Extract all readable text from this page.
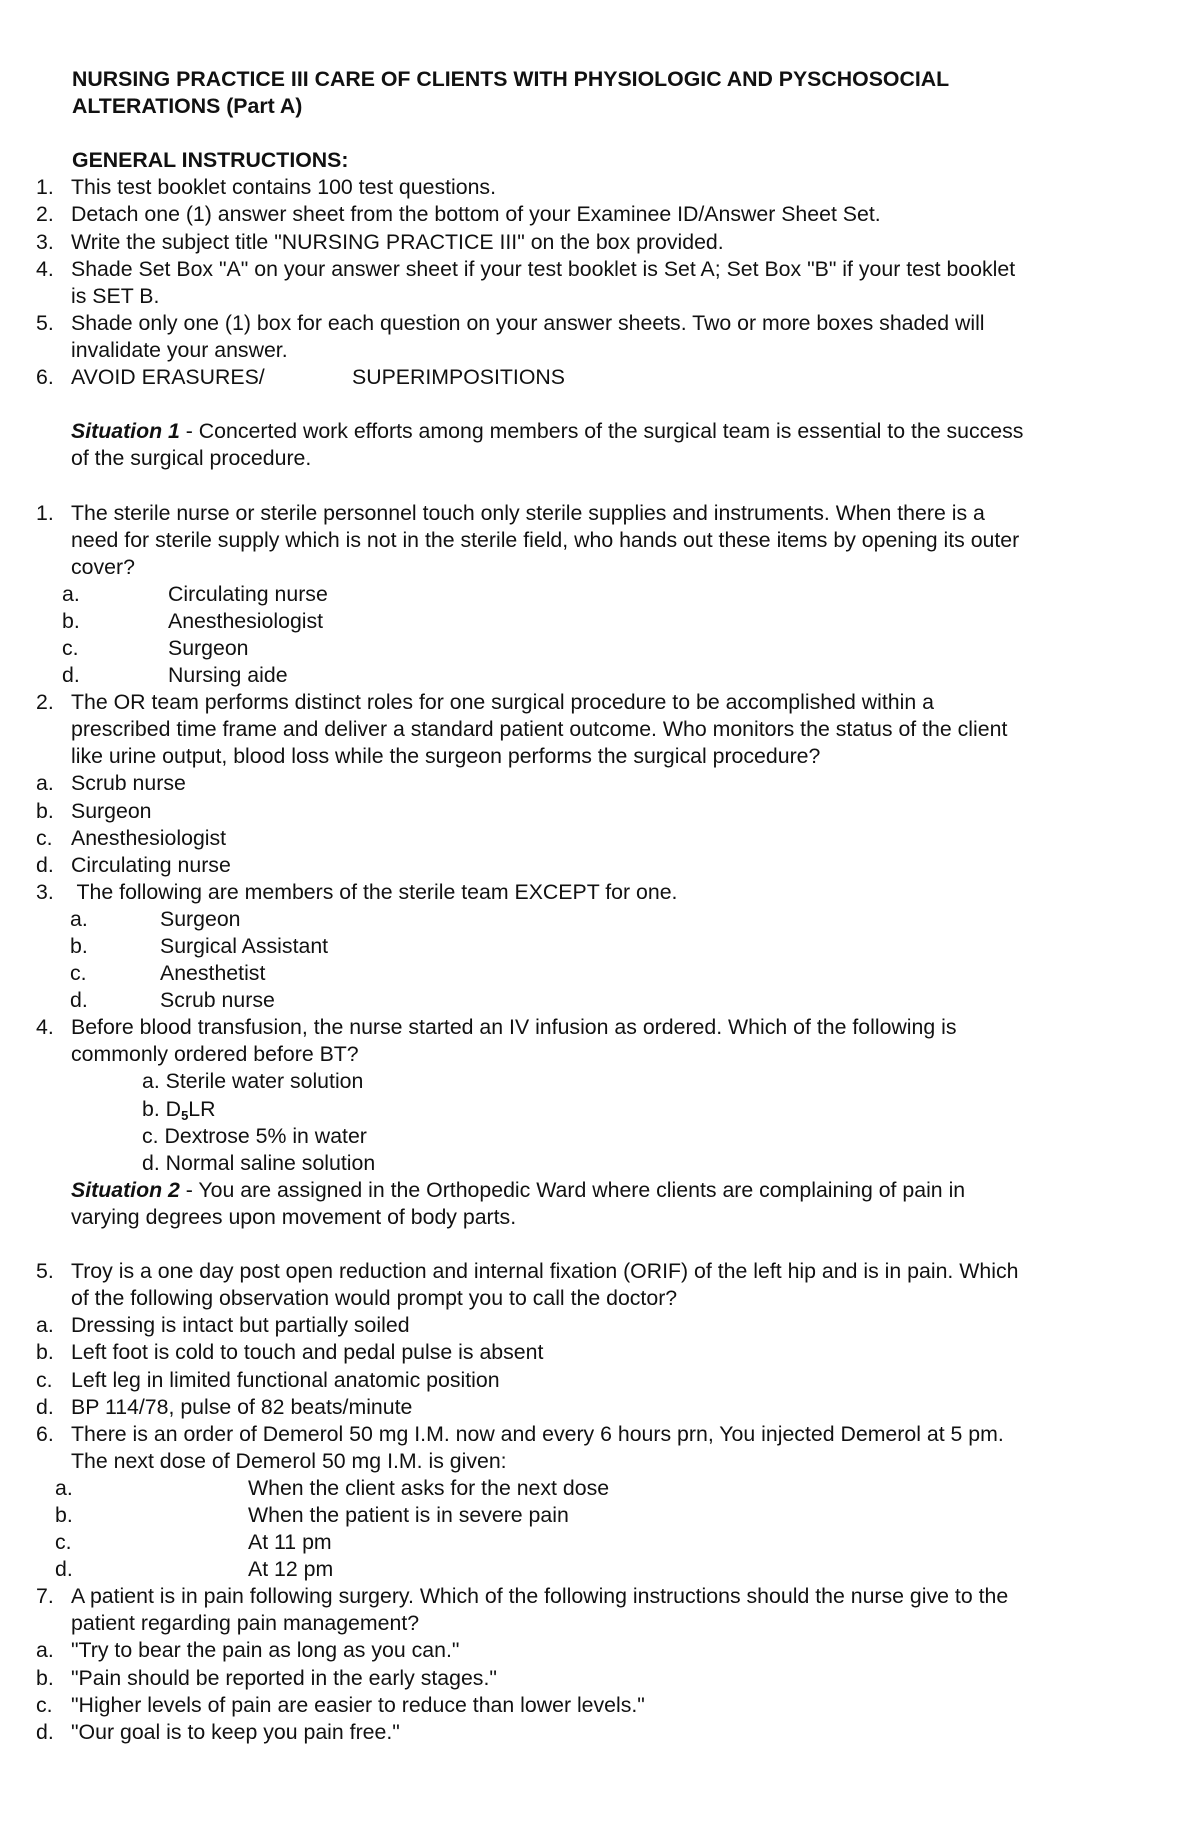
NURSING PRACTICE III CARE OF CLIENTS WITH PHYSIOLOGIC AND PYSCHOSOCIAL
ALTERATIONS (Part A)
GENERAL INSTRUCTIONS:
1. This test booklet contains 100 test questions.
2. Detach one (1) answer sheet from the bottom of your Examinee ID/Answer Sheet Set.
3. Write the subject title "NURSING PRACTICE III" on the box provided.
4. Shade Set Box "A" on your answer sheet if your test booklet is Set A; Set Box "B" if your test booklet
is SET B.
5. Shade only one (1) box for each question on your answer sheets. Two or more boxes shaded will
invalidate your answer.
6. AVOID ERASURES/	SUPERIMPOSITIONS
Situation 1 - Concerted work efforts among members of the surgical team is essential to the success
of the surgical procedure.
1. The sterile nurse or sterile personnel touch only sterile supplies and instruments. When there is a
need for sterile supply which is not in the sterile field, who hands out these items by opening its outer
cover?
a.	Circulating nurse
b.	Anesthesiologist
c.	Surgeon
d.	Nursing aide
2. The OR team performs distinct roles for one surgical procedure to be accomplished within a
prescribed time frame and deliver a standard patient outcome. Who monitors the status of the client
like urine output, blood loss while the surgeon performs the surgical procedure?
a. Scrub nurse
b. Surgeon
c. Anesthesiologist
d. Circulating nurse
3. The following are members of the sterile team EXCEPT for one.
a.	Surgeon
b.	Surgical Assistant
c.	Anesthetist
d.	Scrub nurse
4. Before blood transfusion, the nurse started an IV infusion as ordered. Which of the following is
commonly ordered before BT?
a. Sterile water solution
b. $D_5LR$
c. Dextrose 5% in water
d. Normal saline solution
Situation 2 - You are assigned in the Orthopedic Ward where clients are complaining of pain in
varying degrees upon movement of body parts.
5. Troy is a one day post open reduction and internal fixation (ORIF) of the left hip and is in pain. Which
of the following observation would prompt you to call the doctor?
a. Dressing is intact but partially soiled
b. Left foot is cold to touch and pedal pulse is absent
c. Left leg in limited functional anatomic position
d. BP 114/78, pulse of 82 beats/minute
6. There is an order of Demerol 50 mg I.M. now and every 6 hours prn, You injected Demerol at 5 pm.
The next dose of Demerol 50 mg I.M. is given:
a.	When the client asks for the next dose
b.	When the patient is in severe pain
c.	At 11 pm
d.	At 12 pm
7. A patient is in pain following surgery. Which of the following instructions should the nurse give to the
patient regarding pain management?
a. "Try to bear the pain as long as you can."
b. "Pain should be reported in the early stages."
c. "Higher levels of pain are easier to reduce than lower levels."
d. "Our goal is to keep you pain free."
